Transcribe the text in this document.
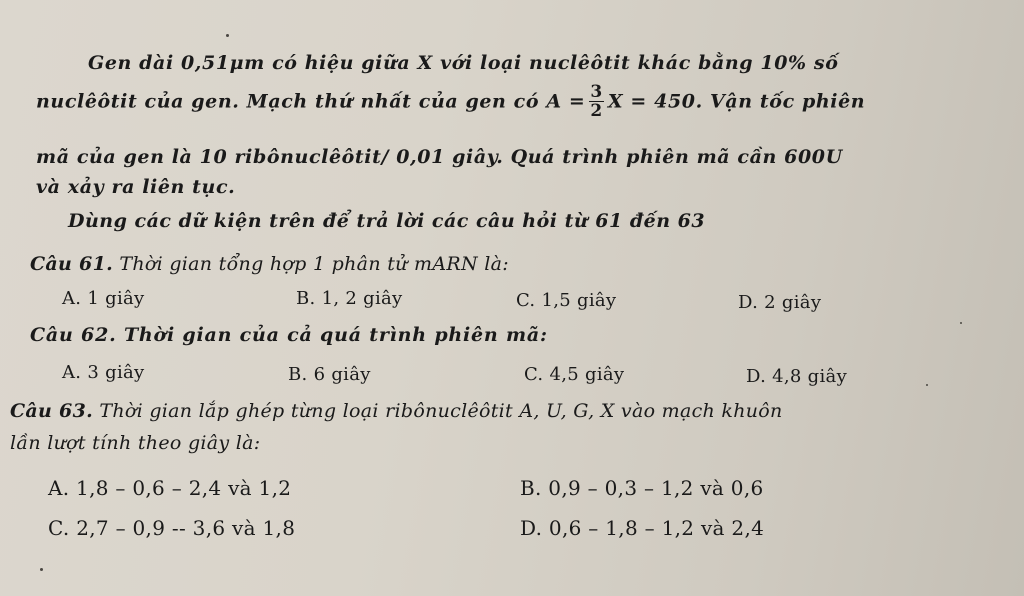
Gen dài 0,51μm có hiệu giữa X với loại nuclêôtit khác bằng 10% số
nuclêôtit của gen. Mạch thứ nhất của gen có $A = \frac{3}{2}$ X = 450. Vận tốc phiên
mã của gen là 10 ribônuclêôtit/ 0,01 giây. Quá trình phiên mã cần 600U
và xảy ra liên tục.
Dùng các dữ kiện trên để trả lời các câu hỏi từ 61 đến 63
Câu 61. Thời gian tổng hợp 1 phân tử mARN là:
A. 1 giây	B. 1, 2 giây	C. 1,5 giây	D. 2 giây
Câu 62. Thời gian của cả quá trình phiên mã:
A. 3 giây	B. 6 giây	C. 4,5 giây	D. 4,8 giây
Câu 63. Thời gian lắp ghép từng loại ribônuclêôtit A, U, G, X vào mạch khuôn
lần lượt tính theo giây là:
A. 1,8 – 0,6 – 2,4 và 1,2	B. 0,9 – 0,3 – 1,2 và 0,6
C. 2,7 – 0,9 -- 3,6 và 1,8	D. 0,6 – 1,8 – 1,2 và 2,4
